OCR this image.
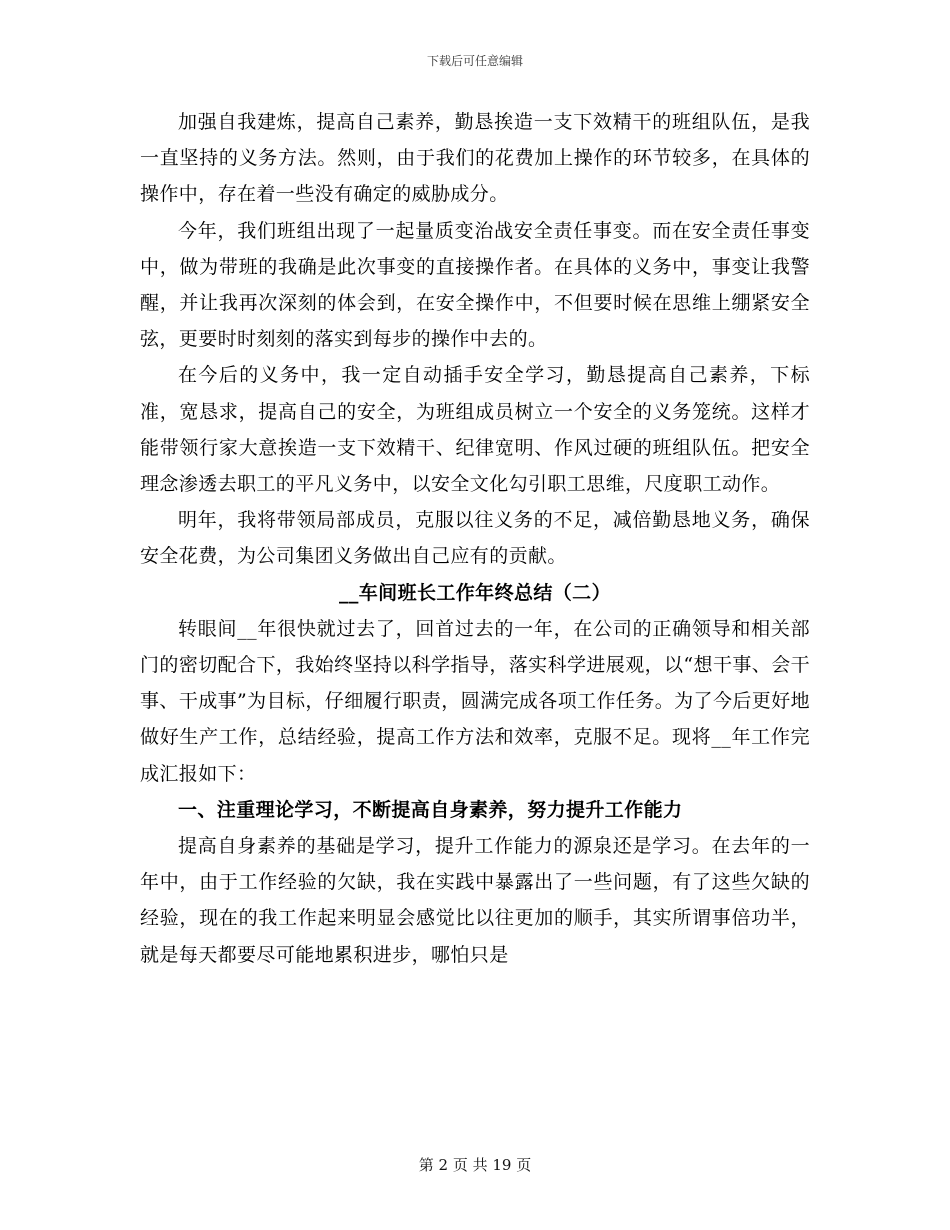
下载后可任意编辑

加强自我建炼，提高自己素养，勤恳挨造一支下效精干的班组队伍，是我一直坚持的义务方法。然则，由于我们的花费加上操作的环节较多，在具体的操作中，存在着一些没有确定的威胁成分。

今年，我们班组出现了一起量质变治战安全责任事变。而在安全责任事变中，做为带班的我确是此次事变的直接操作者。在具体的义务中，事变让我警醒，并让我再次深刻的体会到，在安全操作中，不但要时候在思维上绷紧安全弦，更要时时刻刻的落实到每步的操作中去的。

在今后的义务中，我一定自动插手安全学习，勤恳提高自己素养，下标准，宽恳求，提高自己的安全，为班组成员树立一个安全的义务笼统。这样才能带领行家大意挨造一支下效精干、纪律宽明、作风过硬的班组队伍。把安全理念渗透去职工的平凡义务中，以安全文化勾引职工思维，尺度职工动作。

明年，我将带领局部成员，克服以往义务的不足，减倍勤恳地义务，确保安全花费，为公司集团义务做出自己应有的贡献。

__车间班长工作年终总结（二）

转眼间__年很快就过去了，回首过去的一年，在公司的正确领导和相关部门的密切配合下，我始终坚持以科学指导，落实科学进展观，以“想干事、会干事、干成事”为目标，仔细履行职责，圆满完成各项工作任务。为了今后更好地做好生产工作，总结经验，提高工作方法和效率，克服不足。现将__年工作完成汇报如下：

一、注重理论学习，不断提高自身素养，努力提升工作能力

提高自身素养的基础是学习，提升工作能力的源泉还是学习。在去年的一年中，由于工作经验的欠缺，我在实践中暴露出了一些问题，有了这些欠缺的经验，现在的我工作起来明显会感觉比以往更加的顺手，其实所谓事倍功半，就是每天都要尽可能地累积进步，哪怕只是

第 2 页 共 19 页
